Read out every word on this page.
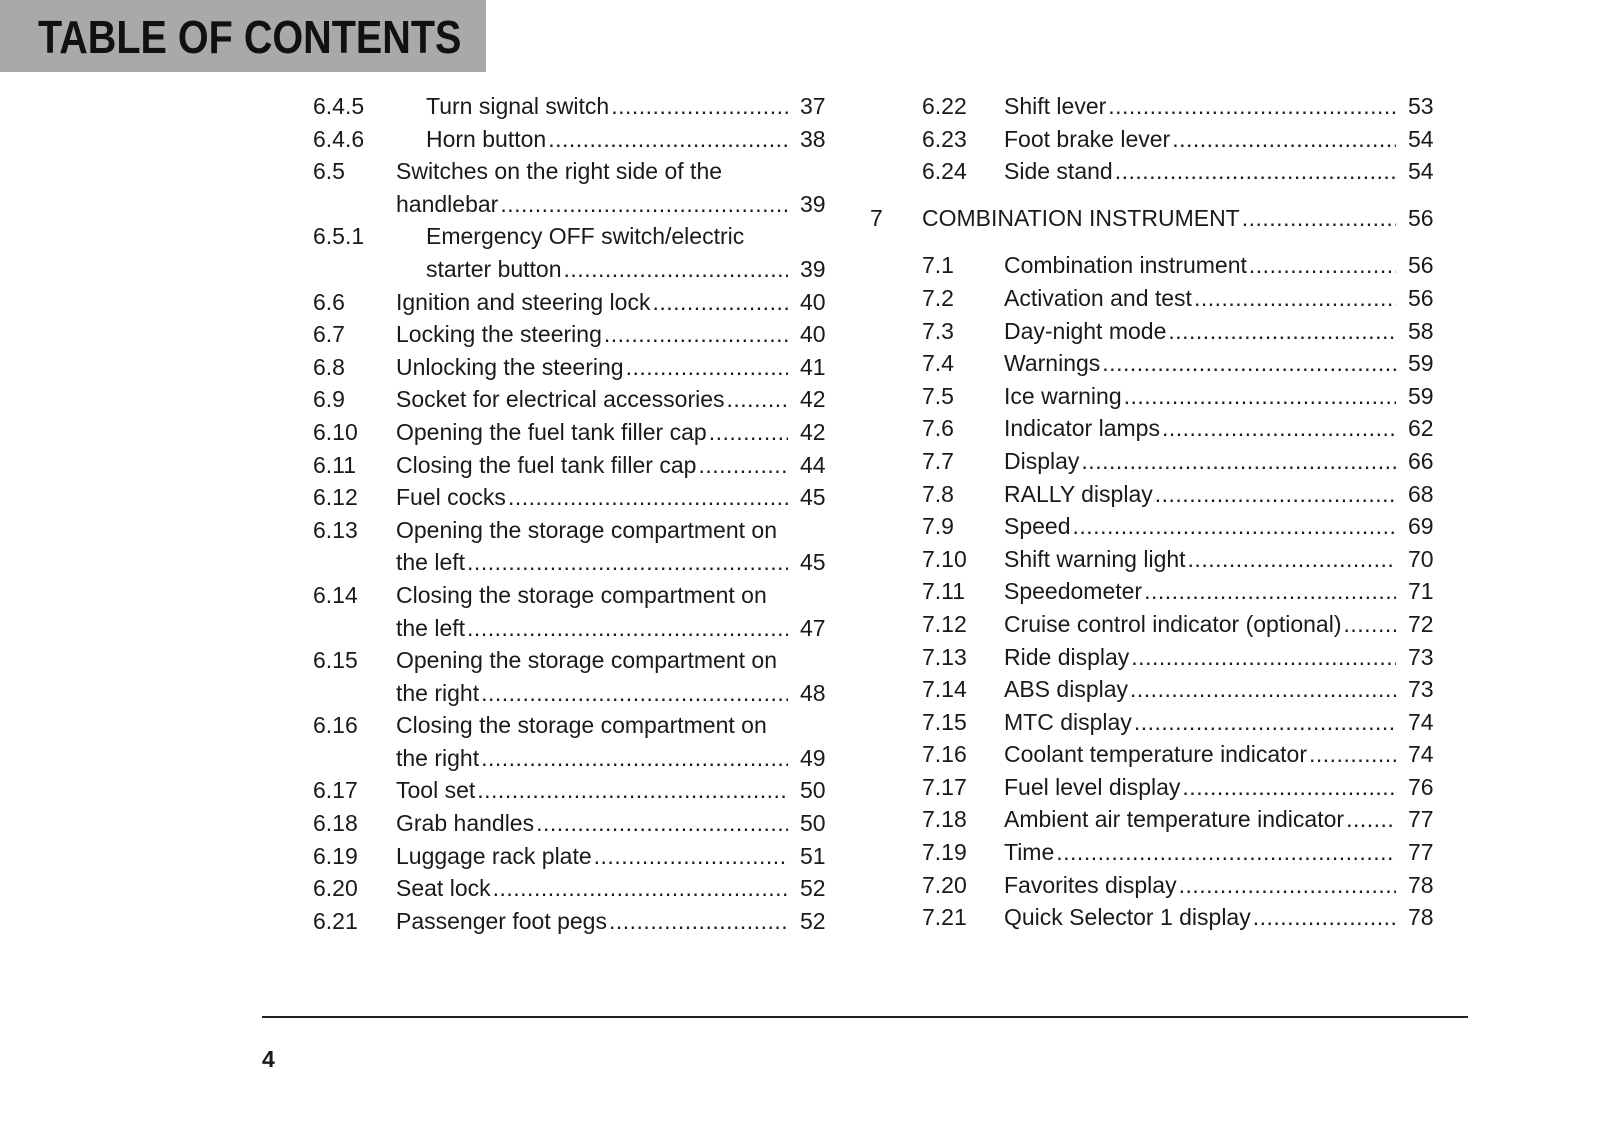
TABLE OF CONTENTS
6.4.5	Turn signal switch .....	37
6.4.6	Horn button .....	38
6.5 Switches on the right side of the
handlebar .....	39
6.5.1	Emergency OFF switch/electric
starter button .....	39
6.6 Ignition and steering lock .....	40
6.7 Locking the steering .....	40
6.8 Unlocking the steering .....	41
6.9 Socket for electrical accessories .....	42
6.10 Opening the fuel tank filler cap .....	42
6.11 Closing the fuel tank filler cap .....	44
6.12 Fuel cocks .....	45
6.13 Opening the storage compartment on
the left .....	45
6.14 Closing the storage compartment on
the left .....	47
6.15 Opening the storage compartment on
the right .....	48
6.16 Closing the storage compartment on
the right .....	49
6.17 Tool set .....	50
6.18 Grab handles .....	50
6.19 Luggage rack plate .....	51
6.20 Seat lock .....	52
6.21 Passenger foot pegs .....	52
6.22 Shift lever .....	53
6.23 Foot brake lever .....	54
6.24 Side stand .....	54
7 COMBINATION INSTRUMENT .....	56
7.1 Combination instrument .....	56
7.2 Activation and test .....	56
7.3 Day-night mode .....	58
7.4 Warnings .....	59
7.5 Ice warning .....	59
7.6 Indicator lamps .....	62
7.7 Display .....	66
7.8 RALLY display .....	68
7.9 Speed .....	69
7.10 Shift warning light .....	70
7.11 Speedometer .....	71
7.12 Cruise control indicator (optional) .....	72
7.13 Ride display .....	73
7.14 ABS display .....	73
7.15 MTC display .....	74
7.16 Coolant temperature indicator .....	74
7.17 Fuel level display .....	76
7.18 Ambient air temperature indicator .....	77
7.19 Time .....	77
7.20 Favorites display .....	78
7.21 Quick Selector 1 display .....	78
4
